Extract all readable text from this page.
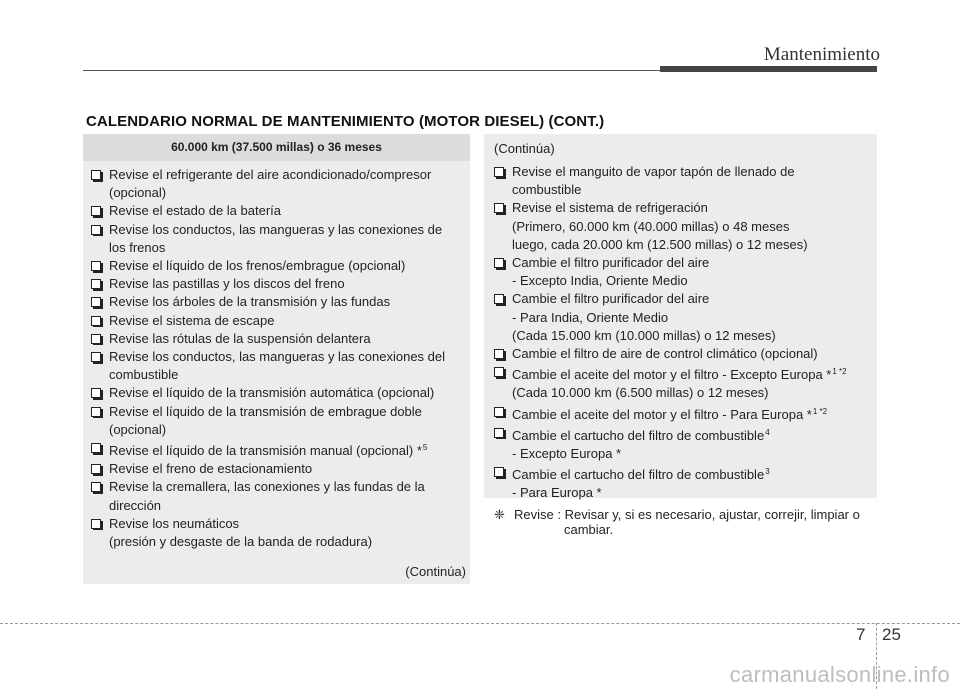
Mantenimiento
CALENDARIO NORMAL DE MANTENIMIENTO (MOTOR DIESEL) (CONT.)
60.000 km (37.500 millas) o 36 meses
Revise el refrigerante del aire acondicionado/compresor
(opcional)
Revise el estado de la batería
Revise los conductos, las mangueras y las conexiones de
los frenos
Revise el líquido de los frenos/embrague (opcional)
Revise las pastillas y los discos del freno
Revise los árboles de la transmisión y las fundas
Revise el sistema de escape
Revise las rótulas de la suspensión delantera
Revise los conductos, las mangueras y las conexiones del
combustible
Revise el líquido de la transmisión automática (opcional)
Revise el líquido de la transmisión de embrague doble
(opcional)
Revise el líquido de la transmisión manual (opcional) *$^5$
Revise el freno de estacionamiento
Revise la cremallera, las conexiones y las fundas de la
dirección
Revise los neumáticos
(presión y desgaste de la banda de rodadura)
(Continúa)
(Continúa)
Revise el manguito de vapor tapón de llenado de
combustible
Revise el sistema de refrigeración
(Primero, 60.000 km (40.000 millas) o 48 meses
luego, cada 20.000 km (12.500 millas) o 12 meses)
Cambie el filtro purificador del aire
- Excepto India, Oriente Medio
Cambie el filtro purificador del aire
- Para India, Oriente Medio
(Cada 15.000 km (10.000 millas) o 12 meses)
Cambie el filtro de aire de control climático (opcional)
Cambie el aceite del motor y el filtro - Excepto Europa *$^{1 *2}$
(Cada 10.000 km (6.500 millas) o 12 meses)
Cambie el aceite del motor y el filtro - Para Europa *$^{1 *2}$
Cambie el cartucho del filtro de combustible$^4$
- Excepto Europa *
Cambie el cartucho del filtro de combustible$^3$
- Para Europa *
❈ Revise : Revisar y, si es necesario, ajustar, correjir, limpiar o
cambiar.
7 25
carmanualsonline.info
